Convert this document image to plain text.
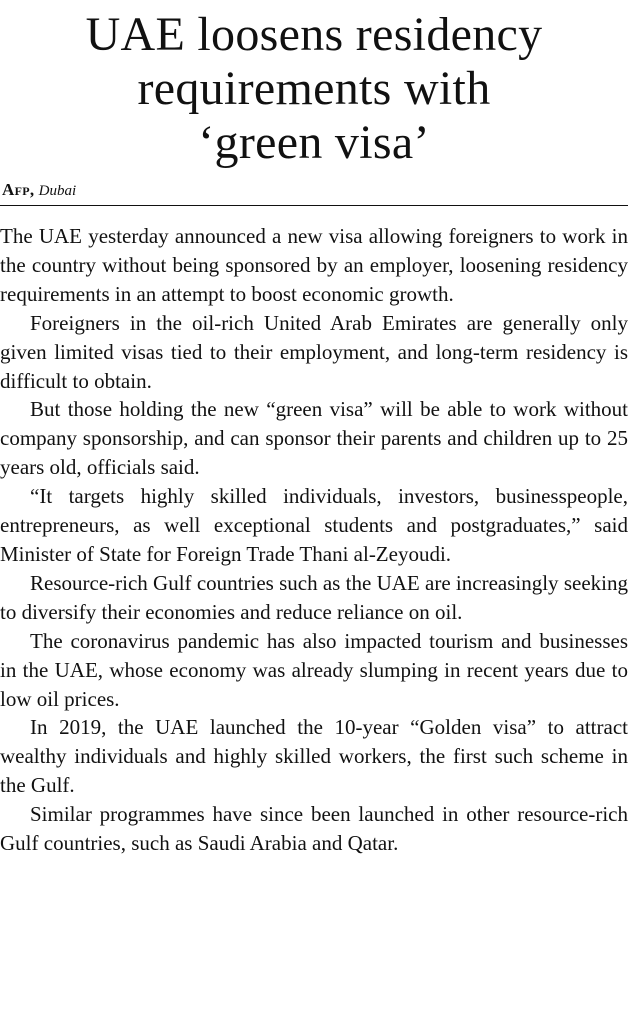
UAE loosens residency
requirements with
‘green visa’
Afp, Dubai

The UAE yesterday announced a new visa allowing foreigners to work in the country without being sponsored by an employer, loosening residency requirements in an attempt to boost economic growth.

Foreigners in the oil-rich United Arab Emirates are generally only given limited visas tied to their employment, and long-term residency is difficult to obtain.

But those holding the new “green visa” will be able to work without company sponsorship, and can sponsor their parents and children up to 25 years old, officials said.

“It targets highly skilled individuals, investors, businesspeople, entrepreneurs, as well exceptional students and postgraduates,” said Minister of State for Foreign Trade Thani al-Zeyoudi.

Resource-rich Gulf countries such as the UAE are increasingly seeking to diversify their economies and reduce reliance on oil.

The coronavirus pandemic has also impacted tourism and businesses in the UAE, whose economy was already slumping in recent years due to low oil prices.

In 2019, the UAE launched the 10-year “Golden visa” to attract wealthy individuals and highly skilled workers, the first such scheme in the Gulf.

Similar programmes have since been launched in other resource-rich Gulf countries, such as Saudi Arabia and Qatar.
